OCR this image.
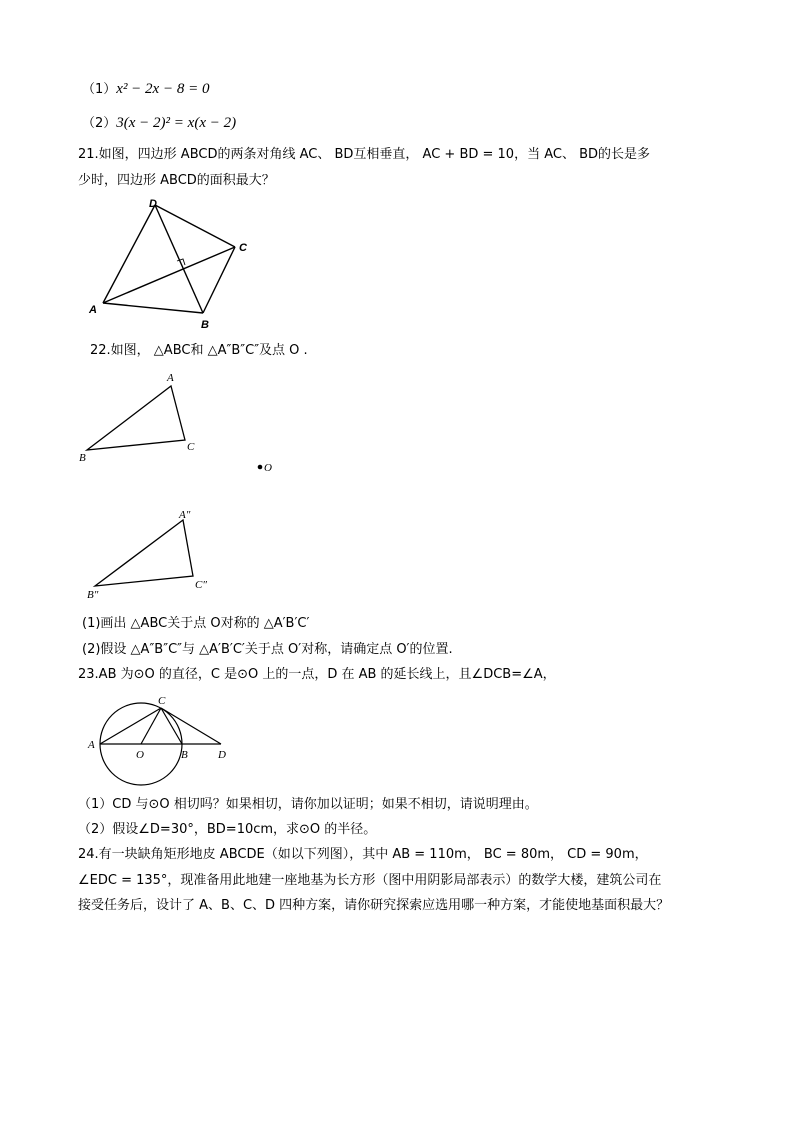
（1）x² − 2x − 8 = 0
（2）3(x − 2)² = x(x − 2)
21.如图，四边形 ABCD的两条对角线 AC、 BD互相垂直， AC + BD = 10，当 AC、 BD的长是多
少时，四边形 ABCD的面积最大？
D
C
A
B
22.如图， △ABC和 △A″B″C″及点 O .
A
C
B
O
A″
C″
B″
(1)画出 △ABC关于点 O对称的 △A′B′C′
(2)假设 △A″B″C″与 △A′B′C′关于点 O′对称，请确定点 O′的位置.
23.AB 为⊙O 的直径，C 是⊙O 上的一点，D 在 AB 的延长线上，且∠DCB=∠A，
A
O	B
C
D
（1）CD 与⊙O 相切吗？如果相切，请你加以证明；如果不相切，请说明理由。
（2）假设∠D=30°，BD=10cm，求⊙O 的半径。
24.有一块缺角矩形地皮 ABCDE（如以下列图），其中 AB = 110m， BC = 80m， CD = 90m，
∠EDC = 135°，现准备用此地建一座地基为长方形（图中用阴影局部表示）的数学大楼，建筑公司在
接受任务后，设计了 A、B、C、D 四种方案，请你研究探索应选用哪一种方案，才能使地基面积最大？
